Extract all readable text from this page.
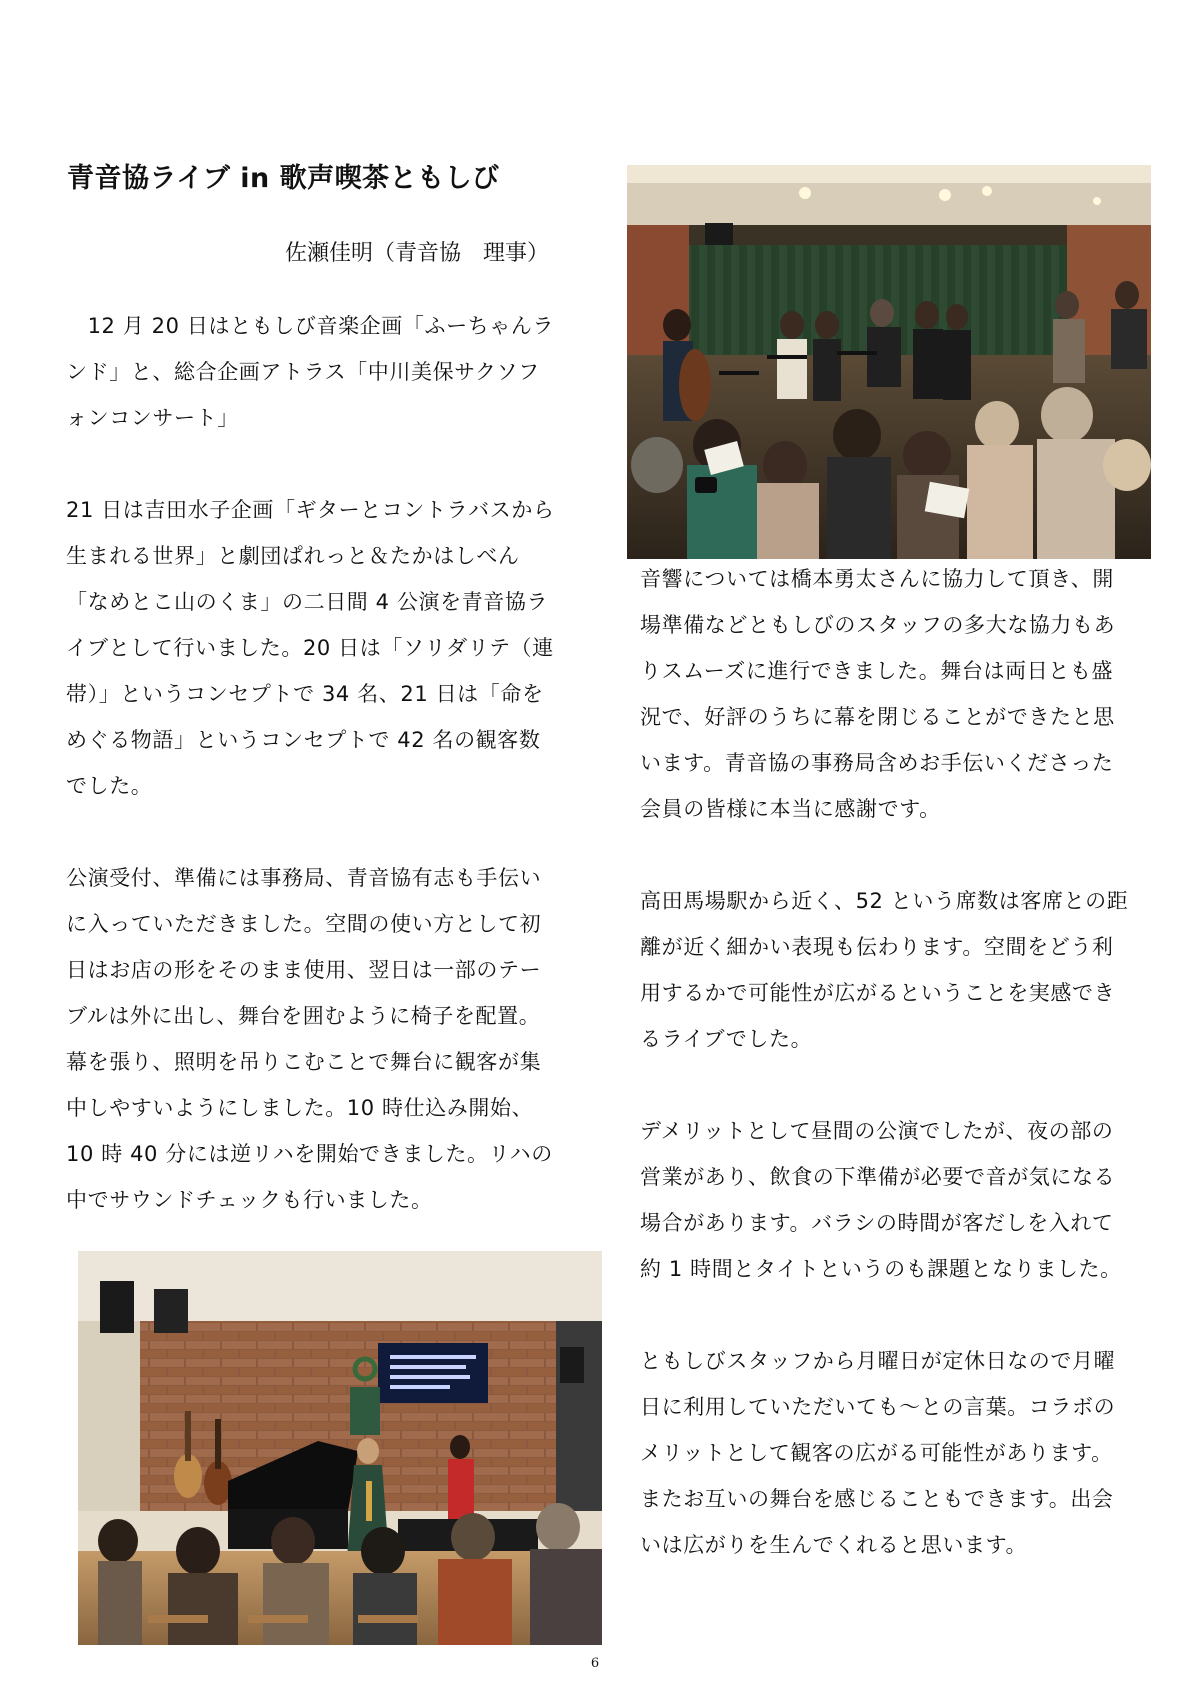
青音協ライブ in 歌声喫茶ともしび
佐瀬佳明（青音協　理事）

　12 月 20 日はともしび音楽企画「ふーちゃんラ
ンド」と、総合企画アトラス「中川美保サクソフ
ォンコンサート」

21 日は吉田水子企画「ギターとコントラバスから
生まれる世界」と劇団ぱれっと＆たかはしべん
「なめとこ山のくま」の二日間 4 公演を青音協ラ
イブとして行いました。20 日は「ソリダリテ（連
帯）」というコンセプトで 34 名、21 日は「命を
めぐる物語」というコンセプトで 42 名の観客数
でした。

公演受付、準備には事務局、青音協有志も手伝い
に入っていただきました。空間の使い方として初
日はお店の形をそのまま使用、翌日は一部のテー
ブルは外に出し、舞台を囲むように椅子を配置。
幕を張り、照明を吊りこむことで舞台に観客が集
中しやすいようにしました。10 時仕込み開始、
10 時 40 分には逆リハを開始できました。リハの
中でサウンドチェックも行いました。

音響については橋本勇太さんに協力して頂き、開
場準備などともしびのスタッフの多大な協力もあ
りスムーズに進行できました。舞台は両日とも盛
況で、好評のうちに幕を閉じることができたと思
います。青音協の事務局含めお手伝いくださった
会員の皆様に本当に感謝です。

高田馬場駅から近く、52 という席数は客席との距
離が近く細かい表現も伝わります。空間をどう利
用するかで可能性が広がるということを実感でき
るライブでした。

デメリットとして昼間の公演でしたが、夜の部の
営業があり、飲食の下準備が必要で音が気になる
場合があります。バラシの時間が客だしを入れて
約 1 時間とタイトというのも課題となりました。

ともしびスタッフから月曜日が定休日なので月曜
日に利用していただいても～との言葉。コラボの
メリットとして観客の広がる可能性があります。
またお互いの舞台を感じることもできます。出会
いは広がりを生んでくれると思います。

6
